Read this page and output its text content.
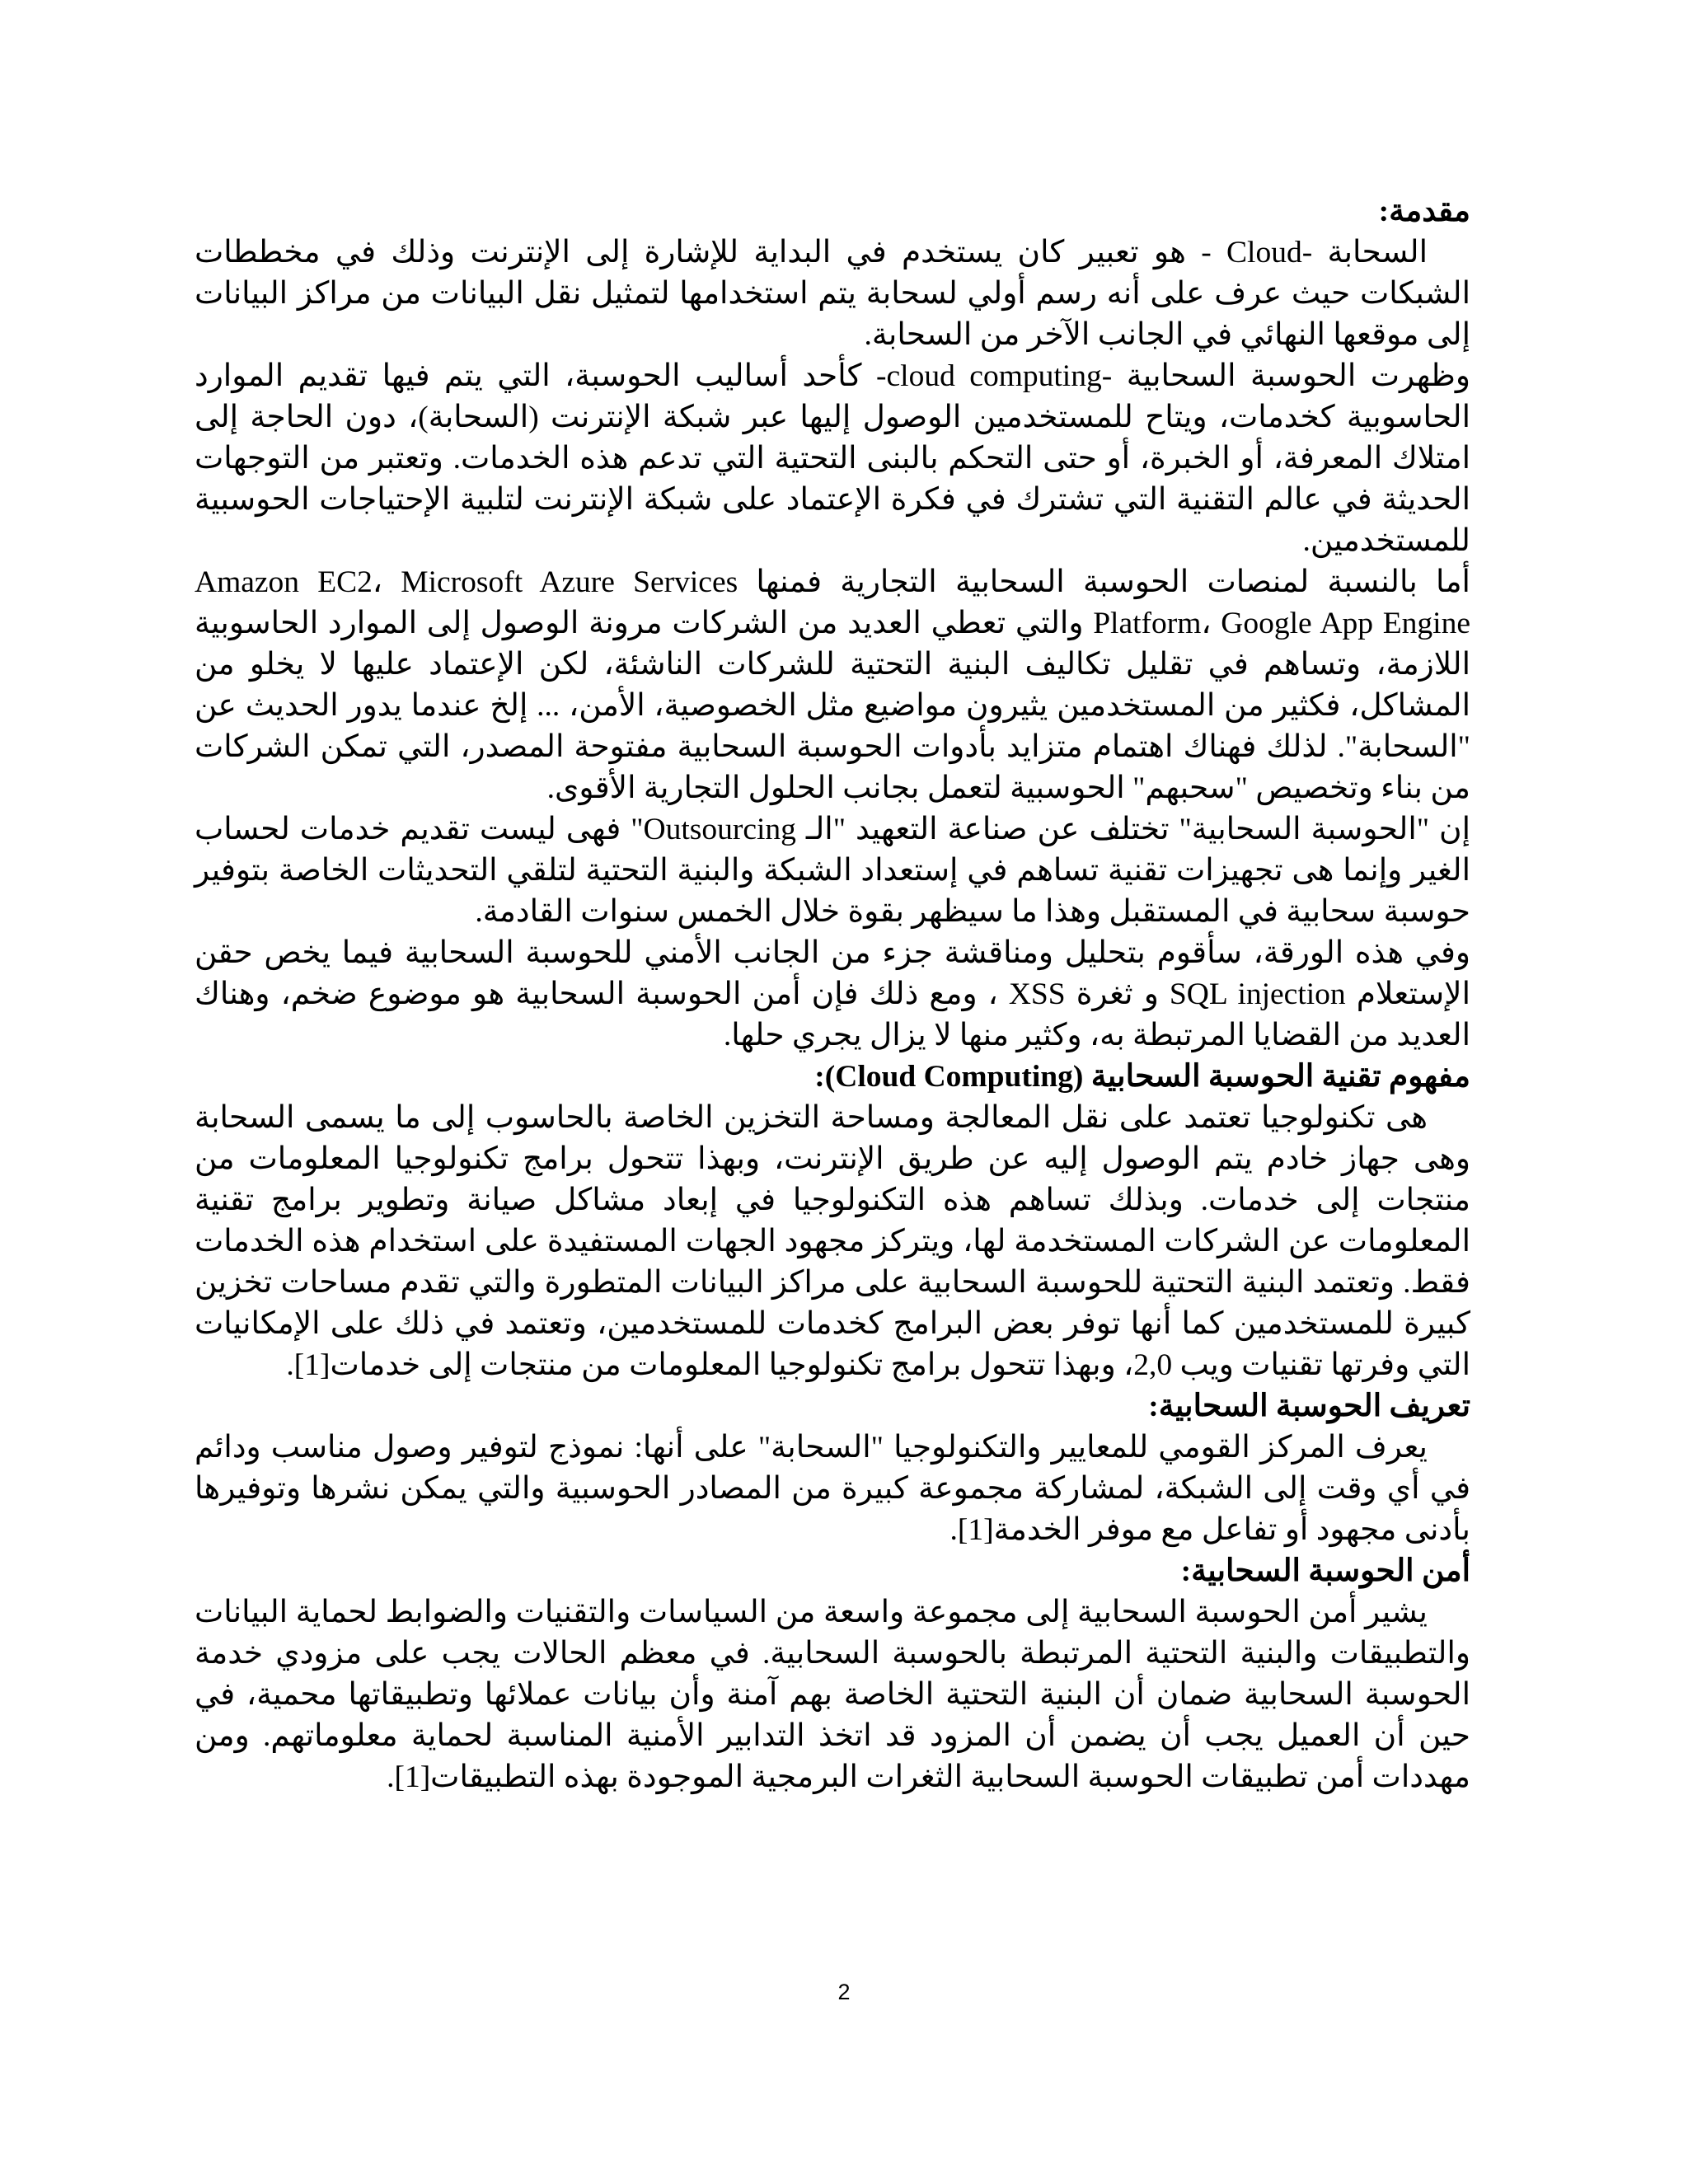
مقدمة:

السحابة -Cloud - هو تعبير كان يستخدم في البداية للإشارة إلى الإنترنت وذلك في مخططات الشبكات حيث عرف على أنه رسم أولي لسحابة يتم استخدامها لتمثيل نقل البيانات من مراكز البيانات إلى موقعها النهائي في الجانب الآخر من السحابة.

وظهرت الحوسبة السحابية -cloud computing- كأحد أساليب الحوسبة، التي يتم فيها تقديم الموارد الحاسوبية كخدمات، ويتاح للمستخدمين الوصول إليها عبر شبكة الإنترنت (السحابة)، دون الحاجة إلى امتلاك المعرفة، أو الخبرة، أو حتى التحكم بالبنى التحتية التي تدعم هذه الخدمات. وتعتبر من التوجهات الحديثة في عالم التقنية التي تشترك في فكرة الإعتماد على شبكة الإنترنت لتلبية الإحتياجات الحوسبية للمستخدمين.

أما بالنسبة لمنصات الحوسبة السحابية التجارية فمنها Amazon EC2، Microsoft Azure Services Platform، Google App Engine والتي تعطي العديد من الشركات مرونة الوصول إلى الموارد الحاسوبية اللازمة، وتساهم في تقليل تكاليف البنية التحتية للشركات الناشئة، لكن الإعتماد عليها لا يخلو من المشاكل، فكثير من المستخدمين يثيرون مواضيع مثل الخصوصية، الأمن، ... إلخ عندما يدور الحديث عن "السحابة". لذلك فهناك اهتمام متزايد بأدوات الحوسبة السحابية مفتوحة المصدر، التي تمكن الشركات من بناء وتخصيص "سحبهم" الحوسبية لتعمل بجانب الحلول التجارية الأقوى.

إن "الحوسبة السحابية" تختلف عن صناعة التعهيد "الـ Outsourcing" فهى ليست تقديم خدمات لحساب الغير وإنما هى تجهيزات تقنية تساهم في إستعداد الشبكة والبنية التحتية لتلقي التحديثات الخاصة بتوفير حوسبة سحابية في المستقبل وهذا ما سيظهر بقوة خلال الخمس سنوات القادمة.

وفي هذه الورقة، سأقوم بتحليل ومناقشة جزء من الجانب الأمني للحوسبة السحابية فيما يخص حقن الإستعلام SQL injection و ثغرة XSS ، ومع ذلك فإن أمن الحوسبة السحابية هو موضوع ضخم، وهناك العديد من القضايا المرتبطة به، وكثير منها لا يزال يجري حلها.

مفهوم تقنية الحوسبة السحابية (Cloud Computing):

هى تكنولوجيا تعتمد على نقل المعالجة ومساحة التخزين الخاصة بالحاسوب إلى ما يسمى السحابة وهى جهاز خادم يتم الوصول إليه عن طريق الإنترنت، وبهذا تتحول برامج تكنولوجيا المعلومات من منتجات إلى خدمات. وبذلك تساهم هذه التكنولوجيا في إبعاد مشاكل صيانة وتطوير برامج تقنية المعلومات عن الشركات المستخدمة لها، ويتركز مجهود الجهات المستفيدة على استخدام هذه الخدمات فقط. وتعتمد البنية التحتية للحوسبة السحابية على مراكز البيانات المتطورة والتي تقدم مساحات تخزين كبيرة للمستخدمين كما أنها توفر بعض البرامج كخدمات للمستخدمين، وتعتمد في ذلك على الإمكانيات التي وفرتها تقنيات ويب 2,0، وبهذا تتحول برامج تكنولوجيا المعلومات من منتجات إلى خدمات[1].

تعريف الحوسبة السحابية:

يعرف المركز القومي للمعايير والتكنولوجيا "السحابة" على أنها: نموذج لتوفير وصول مناسب ودائم في أي وقت إلى الشبكة، لمشاركة مجموعة كبيرة من المصادر الحوسبية والتي يمكن نشرها وتوفيرها بأدنى مجهود أو تفاعل مع موفر الخدمة[1].

أمن الحوسبة السحابية:

يشير أمن الحوسبة السحابية إلى مجموعة واسعة من السياسات والتقنيات والضوابط لحماية البيانات والتطبيقات والبنية التحتية المرتبطة بالحوسبة السحابية. في معظم الحالات يجب على مزودي خدمة الحوسبة السحابية ضمان أن البنية التحتية الخاصة بهم آمنة وأن بيانات عملائها وتطبيقاتها محمية، في حين أن العميل يجب أن يضمن أن المزود قد اتخذ التدابير الأمنية المناسبة لحماية معلوماتهم. ومن مهددات أمن تطبيقات الحوسبة السحابية الثغرات البرمجية الموجودة بهذه التطبيقات[1].

2
